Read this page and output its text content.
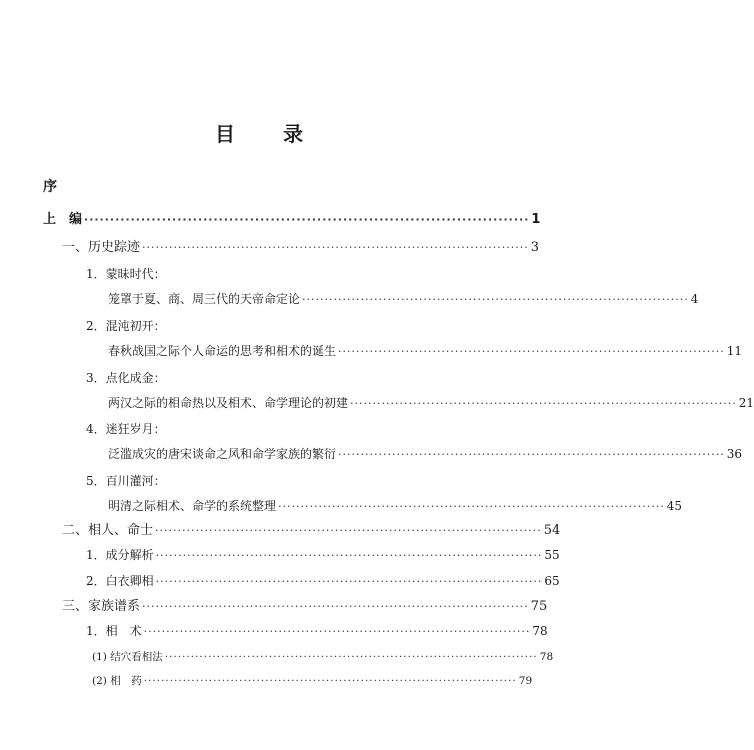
目 录
序
上　编 ······················································································ 1
一、历史踪迹 ······················································································ 3
1．蒙昧时代：
笼罩于夏、商、周三代的天帝命定论 ······················································································ 4
2．混沌初开：
春秋战国之际个人命运的思考和相术的诞生 ······················································································ 11
3．点化成金：
两汉之际的相命热以及相术、命学理论的初建 ······················································································ 21
4．迷狂岁月：
泛滥成灾的唐宋谈命之风和命学家族的繁衍 ······················································································ 36
5．百川灌河：
明清之际相术、命学的系统整理 ······················································································ 45
二、相人、命士 ······················································································ 54
1．成分解析 ······················································································ 55
2．白衣卿相 ······················································································ 65
三、家族谱系 ······················································································ 75
1．相　术 ······················································································ 78
(1) 结穴看相法 ······················································································ 78
(2) 相　药 ······················································································ 79
